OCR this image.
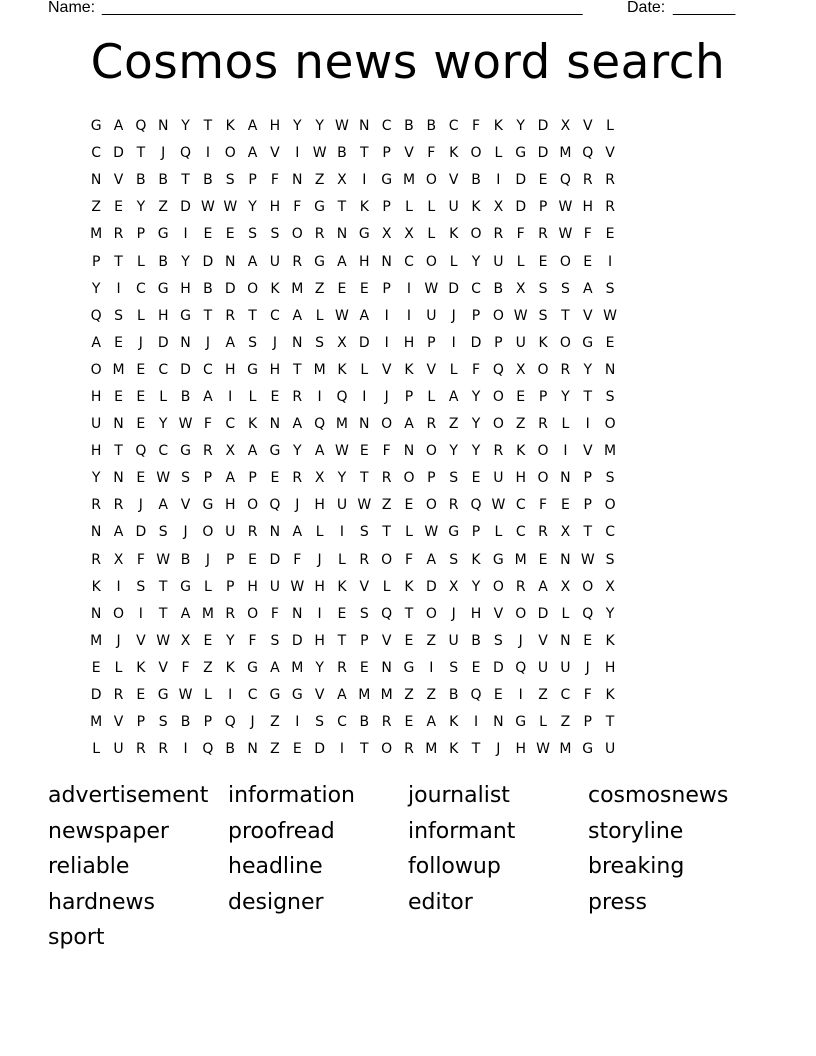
Name: ______________________________________________________	Date: _______
Cosmos news word search
G A Q N Y T K A H Y Y W N C B B C F K Y D X V L
C D T	J	Q	I	O A V	I W B T P V F K O L G D M Q V
N V B B T B S P	F N Z X	I	G M O V B	I	D E Q R R
Z E Y Z D W W Y H F G T K P	L	L U K X D P W H R
M R P G	I	E E S S O R N G X X L K O R F R W F E
P T	L B Y D N A U R G A H N C O L	Y U L	E O E	I
Y	I	C G H B D O K M Z E E P	I W D C B X S S A S
Q S	L H G T R T C A L W A	I	I	U	J	P O W S T V W
A E	J	D N	J	A S	J	N S X D	I	H P	I	D P U K O G E
O M E C D C H G H T M K L V K V L	F Q X O R Y N
H E E	L B A	I	L	E R	I	Q	I	J	P	L A Y O E P Y T S
U N E Y W F C K N A Q M N O A R Z Y O Z R L	I	O
H T Q C G R X A G Y A W E F N O Y Y R K O	I	V M
Y N E W S P A P E R X Y T R O P S E U H O N P S
R R	J	A V G H O Q	J	H U W Z E O R Q W C F E P O
N A D S	J	O U R N A L	I	S T	L W G P	L C R X T C
R X F W B	J	P E D F	J	L R O F A S K G M E N W S
K	I	S T G L	P H U W H K V L K D X Y O R A X O X
N O	I	T A M R O F N	I	E S Q T O	J	H V O D L Q Y
M	J	V W X E Y	F S D H T P V E Z U B S	J	V N E K
E	L K V F Z K G A M Y R E N G	I	S E D Q U U	J	H
D R E G W L	I	C G G V A M M Z Z B Q E	I	Z C F K
M V P S B P Q	J	Z	I	S C B R E A K	I	N G L Z P T
L U R R	I	Q B N Z E D	I	T O R M K T	J	H W M G U
advertisement information	journalist	cosmosnews
newspaper	proofread	informant	storyline
reliable	headline	followup	breaking
hardnews	designer	editor	press
sport
